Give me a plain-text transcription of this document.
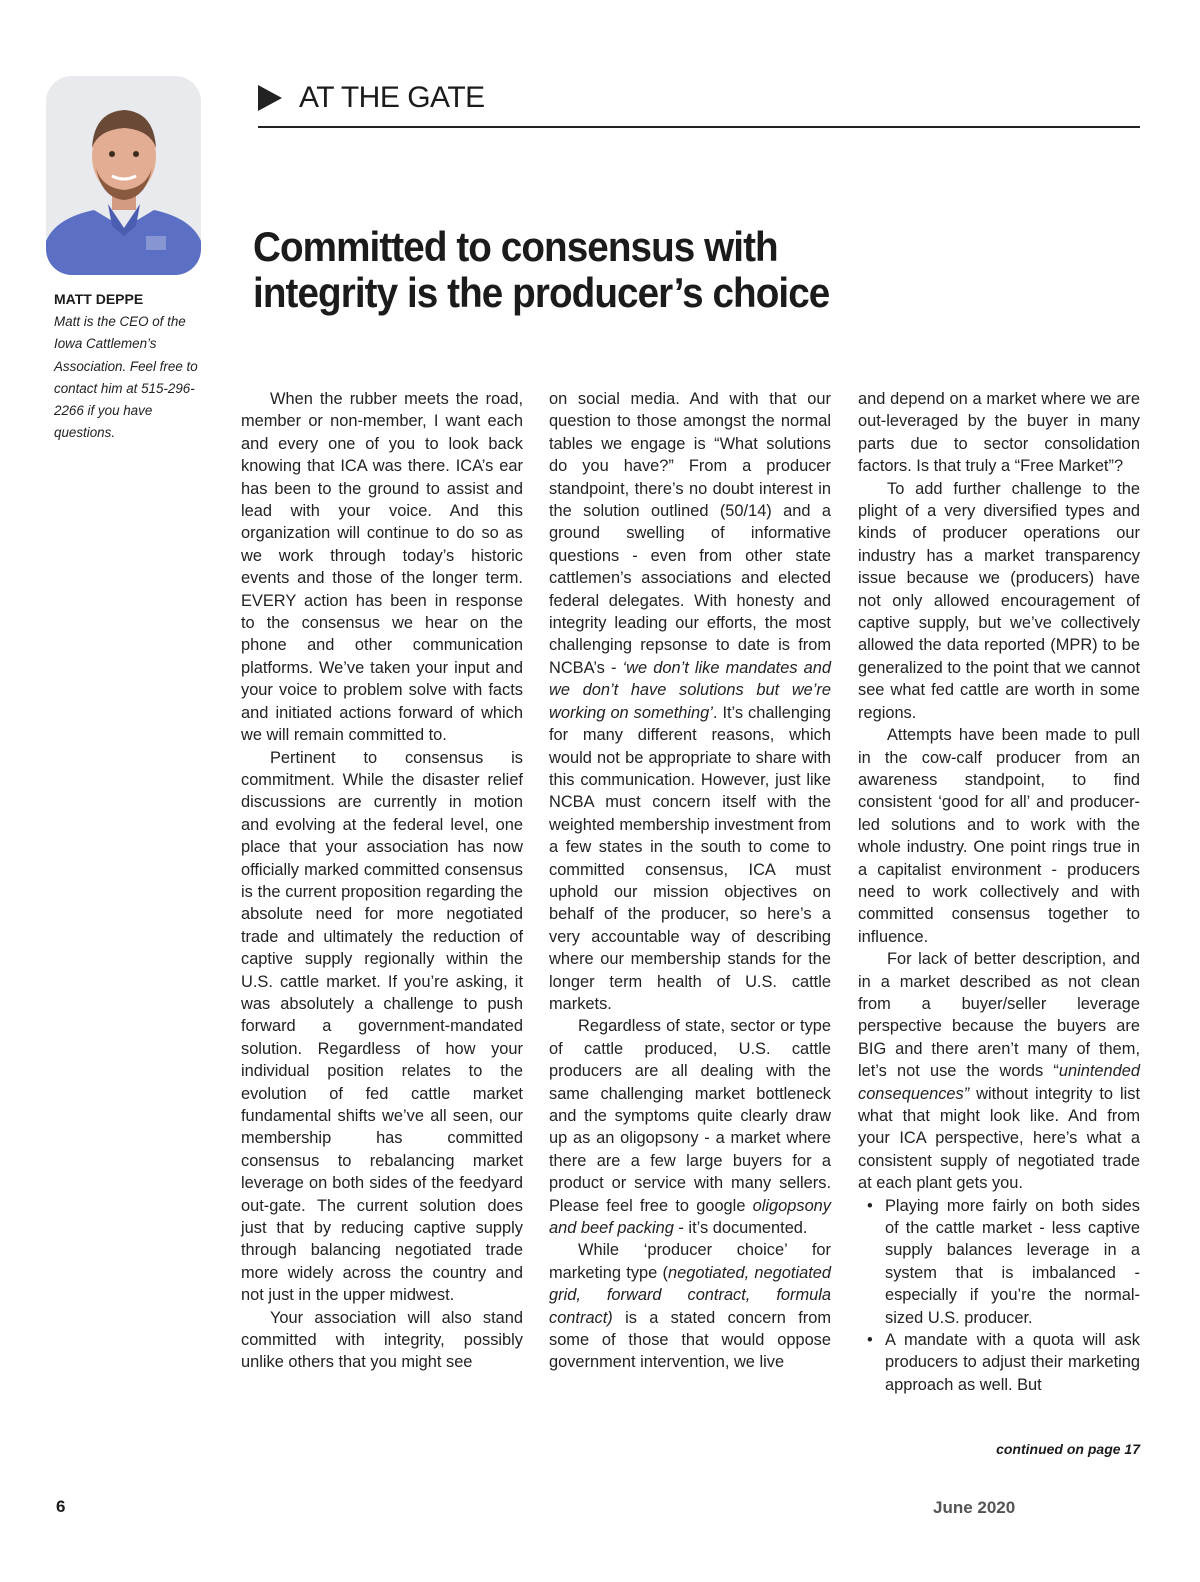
AT THE GATE
Committed to consensus with
integrity is the producer’s choice
MATT DEPPE
Matt is the CEO of the Iowa Cattlemen’s Association. Feel free to contact him at 515-296-2266 if you have questions.

When the rubber meets the road, member or non-member, I want each and every one of you to look back knowing that ICA was there. ICA’s ear has been to the ground to assist and lead with your voice. And this organization will continue to do so as we work through today’s historic events and those of the longer term. EVERY action has been in response to the consensus we hear on the phone and other communication platforms. We’ve taken your input and your voice to problem solve with facts and initiated actions forward of which we will remain committed to.

Pertinent to consensus is commitment. While the disaster relief discussions are currently in motion and evolving at the federal level, one place that your association has now officially marked committed consensus is the current proposition regarding the absolute need for more negotiated trade and ultimately the reduction of captive supply regionally within the U.S. cattle market. If you’re asking, it was absolutely a challenge to push forward a government-mandated solution. Regardless of how your individual position relates to the evolution of fed cattle market fundamental shifts we’ve all seen, our membership has committed consensus to rebalancing market leverage on both sides of the feedyard out-gate. The current solution does just that by reducing captive supply through balancing negotiated trade more widely across the country and not just in the upper midwest.

Your association will also stand committed with integrity, possibly unlike others that you might see

on social media. And with that our question to those amongst the normal tables we engage is “What solutions do you have?” From a producer standpoint, there’s no doubt interest in the solution outlined (50/14) and a ground swelling of informative questions - even from other state cattlemen’s associations and elected federal delegates. With honesty and integrity leading our efforts, the most challenging repsonse to date is from NCBA’s - ‘we don’t like mandates and we don’t have solutions but we’re working on something’. It’s challenging for many different reasons, which would not be appropriate to share with this communication. However, just like NCBA must concern itself with the weighted membership investment from a few states in the south to come to committed consensus, ICA must uphold our mission objectives on behalf of the producer, so here’s a very accountable way of describing where our membership stands for the longer term health of U.S. cattle markets.

Regardless of state, sector or type of cattle produced, U.S. cattle producers are all dealing with the same challenging market bottleneck and the symptoms quite clearly draw up as an oligopsony - a market where there are a few large buyers for a product or service with many sellers. Please feel free to google oligopsony and beef packing - it’s documented.

While ‘producer choice’ for marketing type (negotiated, negotiated grid, forward contract, formula contract) is a stated concern from some of those that would oppose government intervention, we live

and depend on a market where we are out-leveraged by the buyer in many parts due to sector consolidation factors. Is that truly a “Free Market”?

To add further challenge to the plight of a very diversified types and kinds of producer operations our industry has a market transparency issue because we (producers) have not only allowed encouragement of captive supply, but we’ve collectively allowed the data reported (MPR) to be generalized to the point that we cannot see what fed cattle are worth in some regions.

Attempts have been made to pull in the cow-calf producer from an awareness standpoint, to find consistent ‘good for all’ and producer-led solutions and to work with the whole industry. One point rings true in a capitalist environment - producers need to work collectively and with committed consensus together to influence.

For lack of better description, and in a market described as not clean from a buyer/seller leverage perspective because the buyers are BIG and there aren’t many of them, let’s not use the words “unintended consequences” without integrity to list what that might look like. And from your ICA perspective, here’s what a consistent supply of negotiated trade at each plant gets you.

• Playing more fairly on both sides of the cattle market - less captive supply balances leverage in a system that is imbalanced - especially if you’re the normal-sized U.S. producer.
• A mandate with a quota will ask producers to adjust their marketing approach as well. But
continued on page 17
6	June 2020
